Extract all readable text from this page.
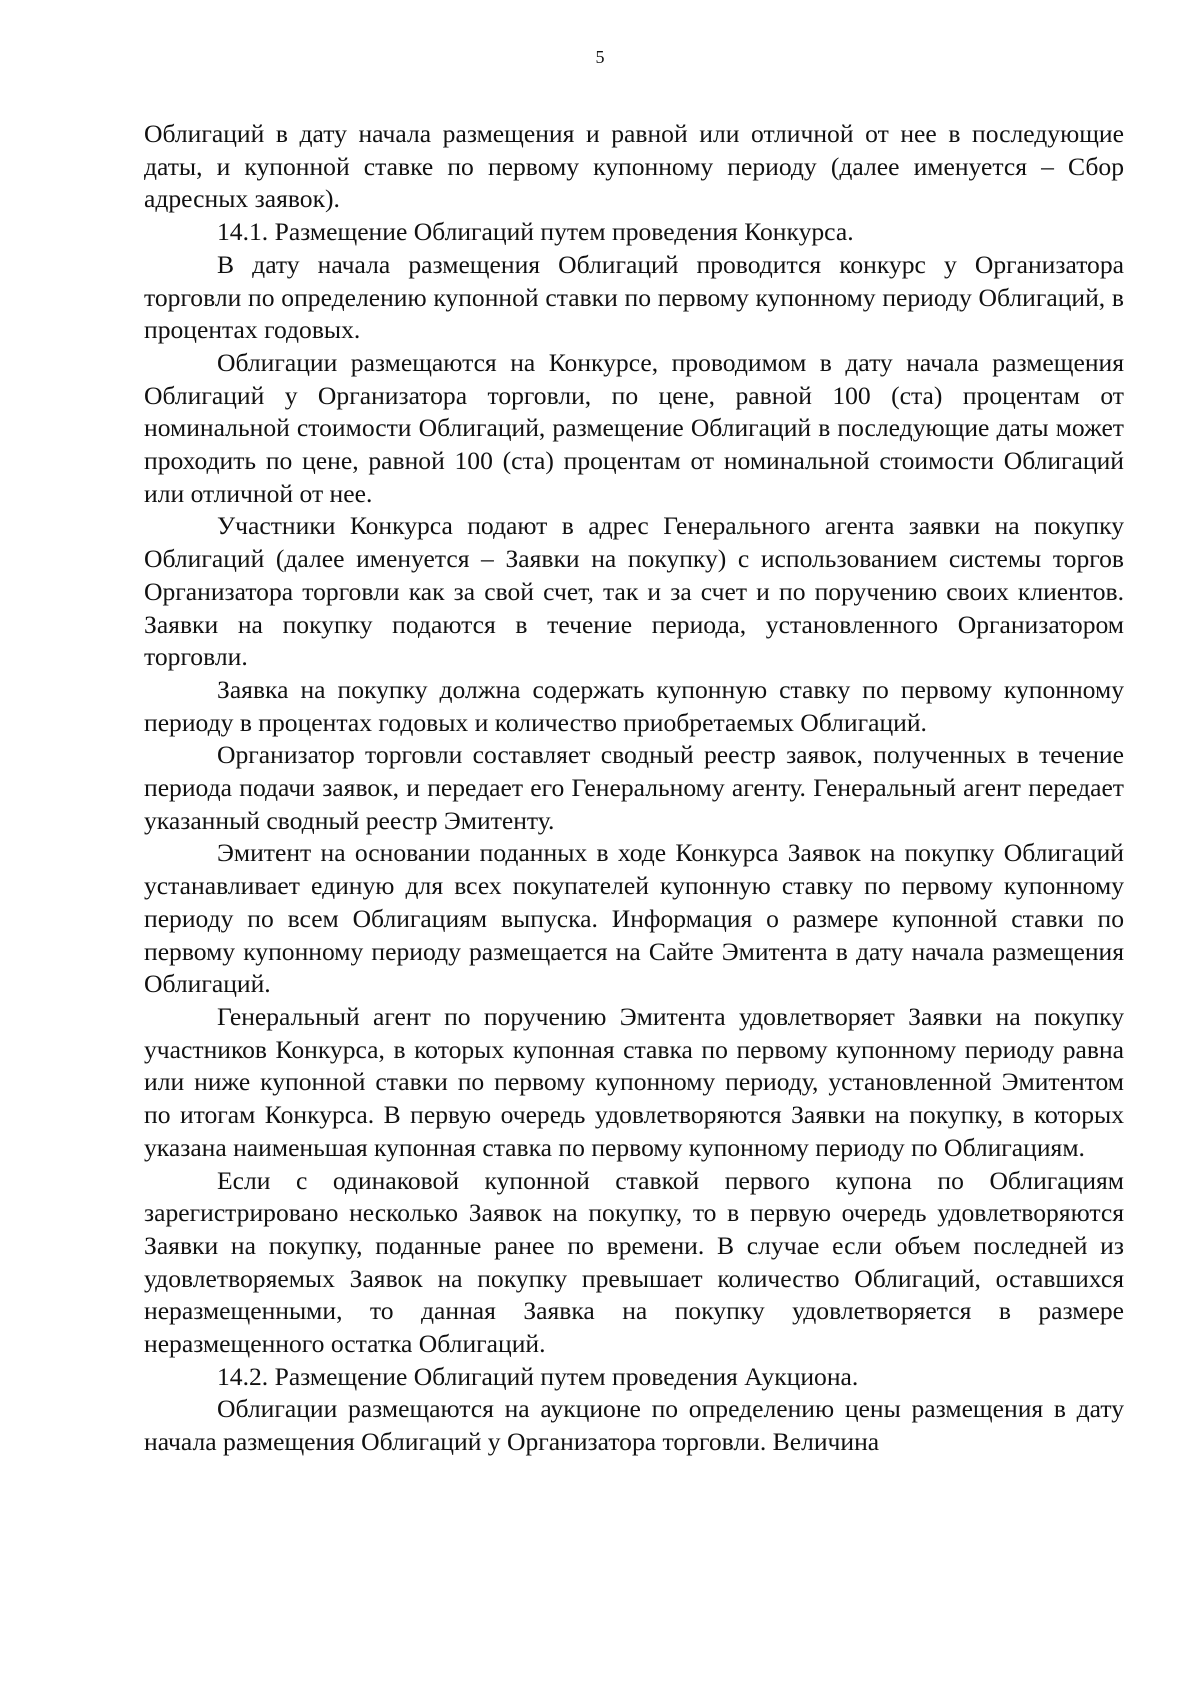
5

Облигаций в дату начала размещения и равной или отличной от нее в последующие даты, и купонной ставке по первому купонному периоду (далее именуется – Сбор адресных заявок).

14.1. Размещение Облигаций путем проведения Конкурса.

В дату начала размещения Облигаций проводится конкурс у Организатора торговли по определению купонной ставки по первому купонному периоду Облигаций, в процентах годовых.

Облигации размещаются на Конкурсе, проводимом в дату начала размещения Облигаций у Организатора торговли, по цене, равной 100 (ста) процентам от номинальной стоимости Облигаций, размещение Облигаций в последующие даты может проходить по цене, равной 100 (ста) процентам от номинальной стоимости Облигаций или отличной от нее.

Участники Конкурса подают в адрес Генерального агента заявки на покупку Облигаций (далее именуется – Заявки на покупку) с использованием системы торгов Организатора торговли как за свой счет, так и за счет и по поручению своих клиентов. Заявки на покупку подаются в течение периода, установленного Организатором торговли.

Заявка на покупку должна содержать купонную ставку по первому купонному периоду в процентах годовых и количество приобретаемых Облигаций.

Организатор торговли составляет сводный реестр заявок, полученных в течение периода подачи заявок, и передает его Генеральному агенту. Генеральный агент передает указанный сводный реестр Эмитенту.

Эмитент на основании поданных в ходе Конкурса Заявок на покупку Облигаций устанавливает единую для всех покупателей купонную ставку по первому купонному периоду по всем Облигациям выпуска. Информация о размере купонной ставки по первому купонному периоду размещается на Сайте Эмитента в дату начала размещения Облигаций.

Генеральный агент по поручению Эмитента удовлетворяет Заявки на покупку участников Конкурса, в которых купонная ставка по первому купонному периоду равна или ниже купонной ставки по первому купонному периоду, установленной Эмитентом по итогам Конкурса. В первую очередь удовлетворяются Заявки на покупку, в которых указана наименьшая купонная ставка по первому купонному периоду по Облигациям.

Если с одинаковой купонной ставкой первого купона по Облигациям зарегистрировано несколько Заявок на покупку, то в первую очередь удовлетворяются Заявки на покупку, поданные ранее по времени. В случае если объем последней из удовлетворяемых Заявок на покупку превышает количество Облигаций, оставшихся неразмещенными, то данная Заявка на покупку удовлетворяется в размере неразмещенного остатка Облигаций.

14.2. Размещение Облигаций путем проведения Аукциона.

Облигации размещаются на аукционе по определению цены размещения в дату начала размещения Облигаций у Организатора торговли. Величина
